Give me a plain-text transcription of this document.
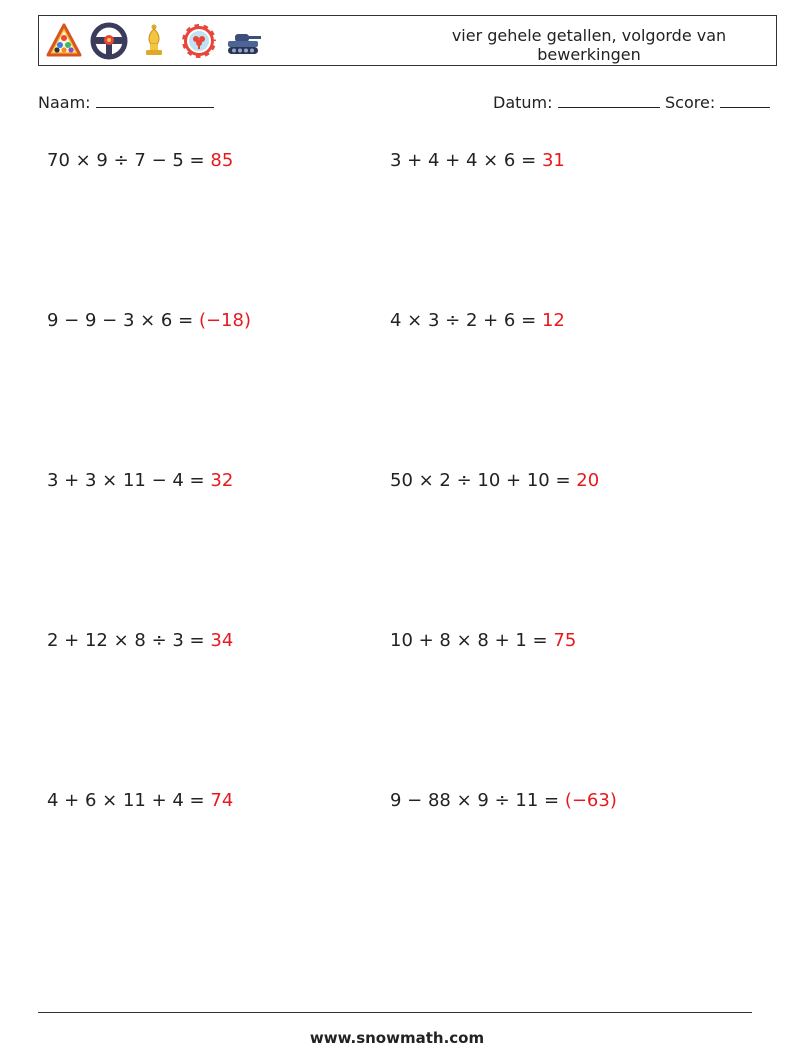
vier gehele getallen, volgorde van bewerkingen
Naam:	Datum:	Score:
70 × 9 ÷ 7 − 5 = 85	3 + 4 + 4 × 6 = 31
9 − 9 − 3 × 6 = (−18)	4 × 3 ÷ 2 + 6 = 12
3 + 3 × 11 − 4 = 32	50 × 2 ÷ 10 + 10 = 20
2 + 12 × 8 ÷ 3 = 34	10 + 8 × 8 + 1 = 75
4 + 6 × 11 + 4 = 74	9 − 88 × 9 ÷ 11 = (−63)
www.snowmath.com
